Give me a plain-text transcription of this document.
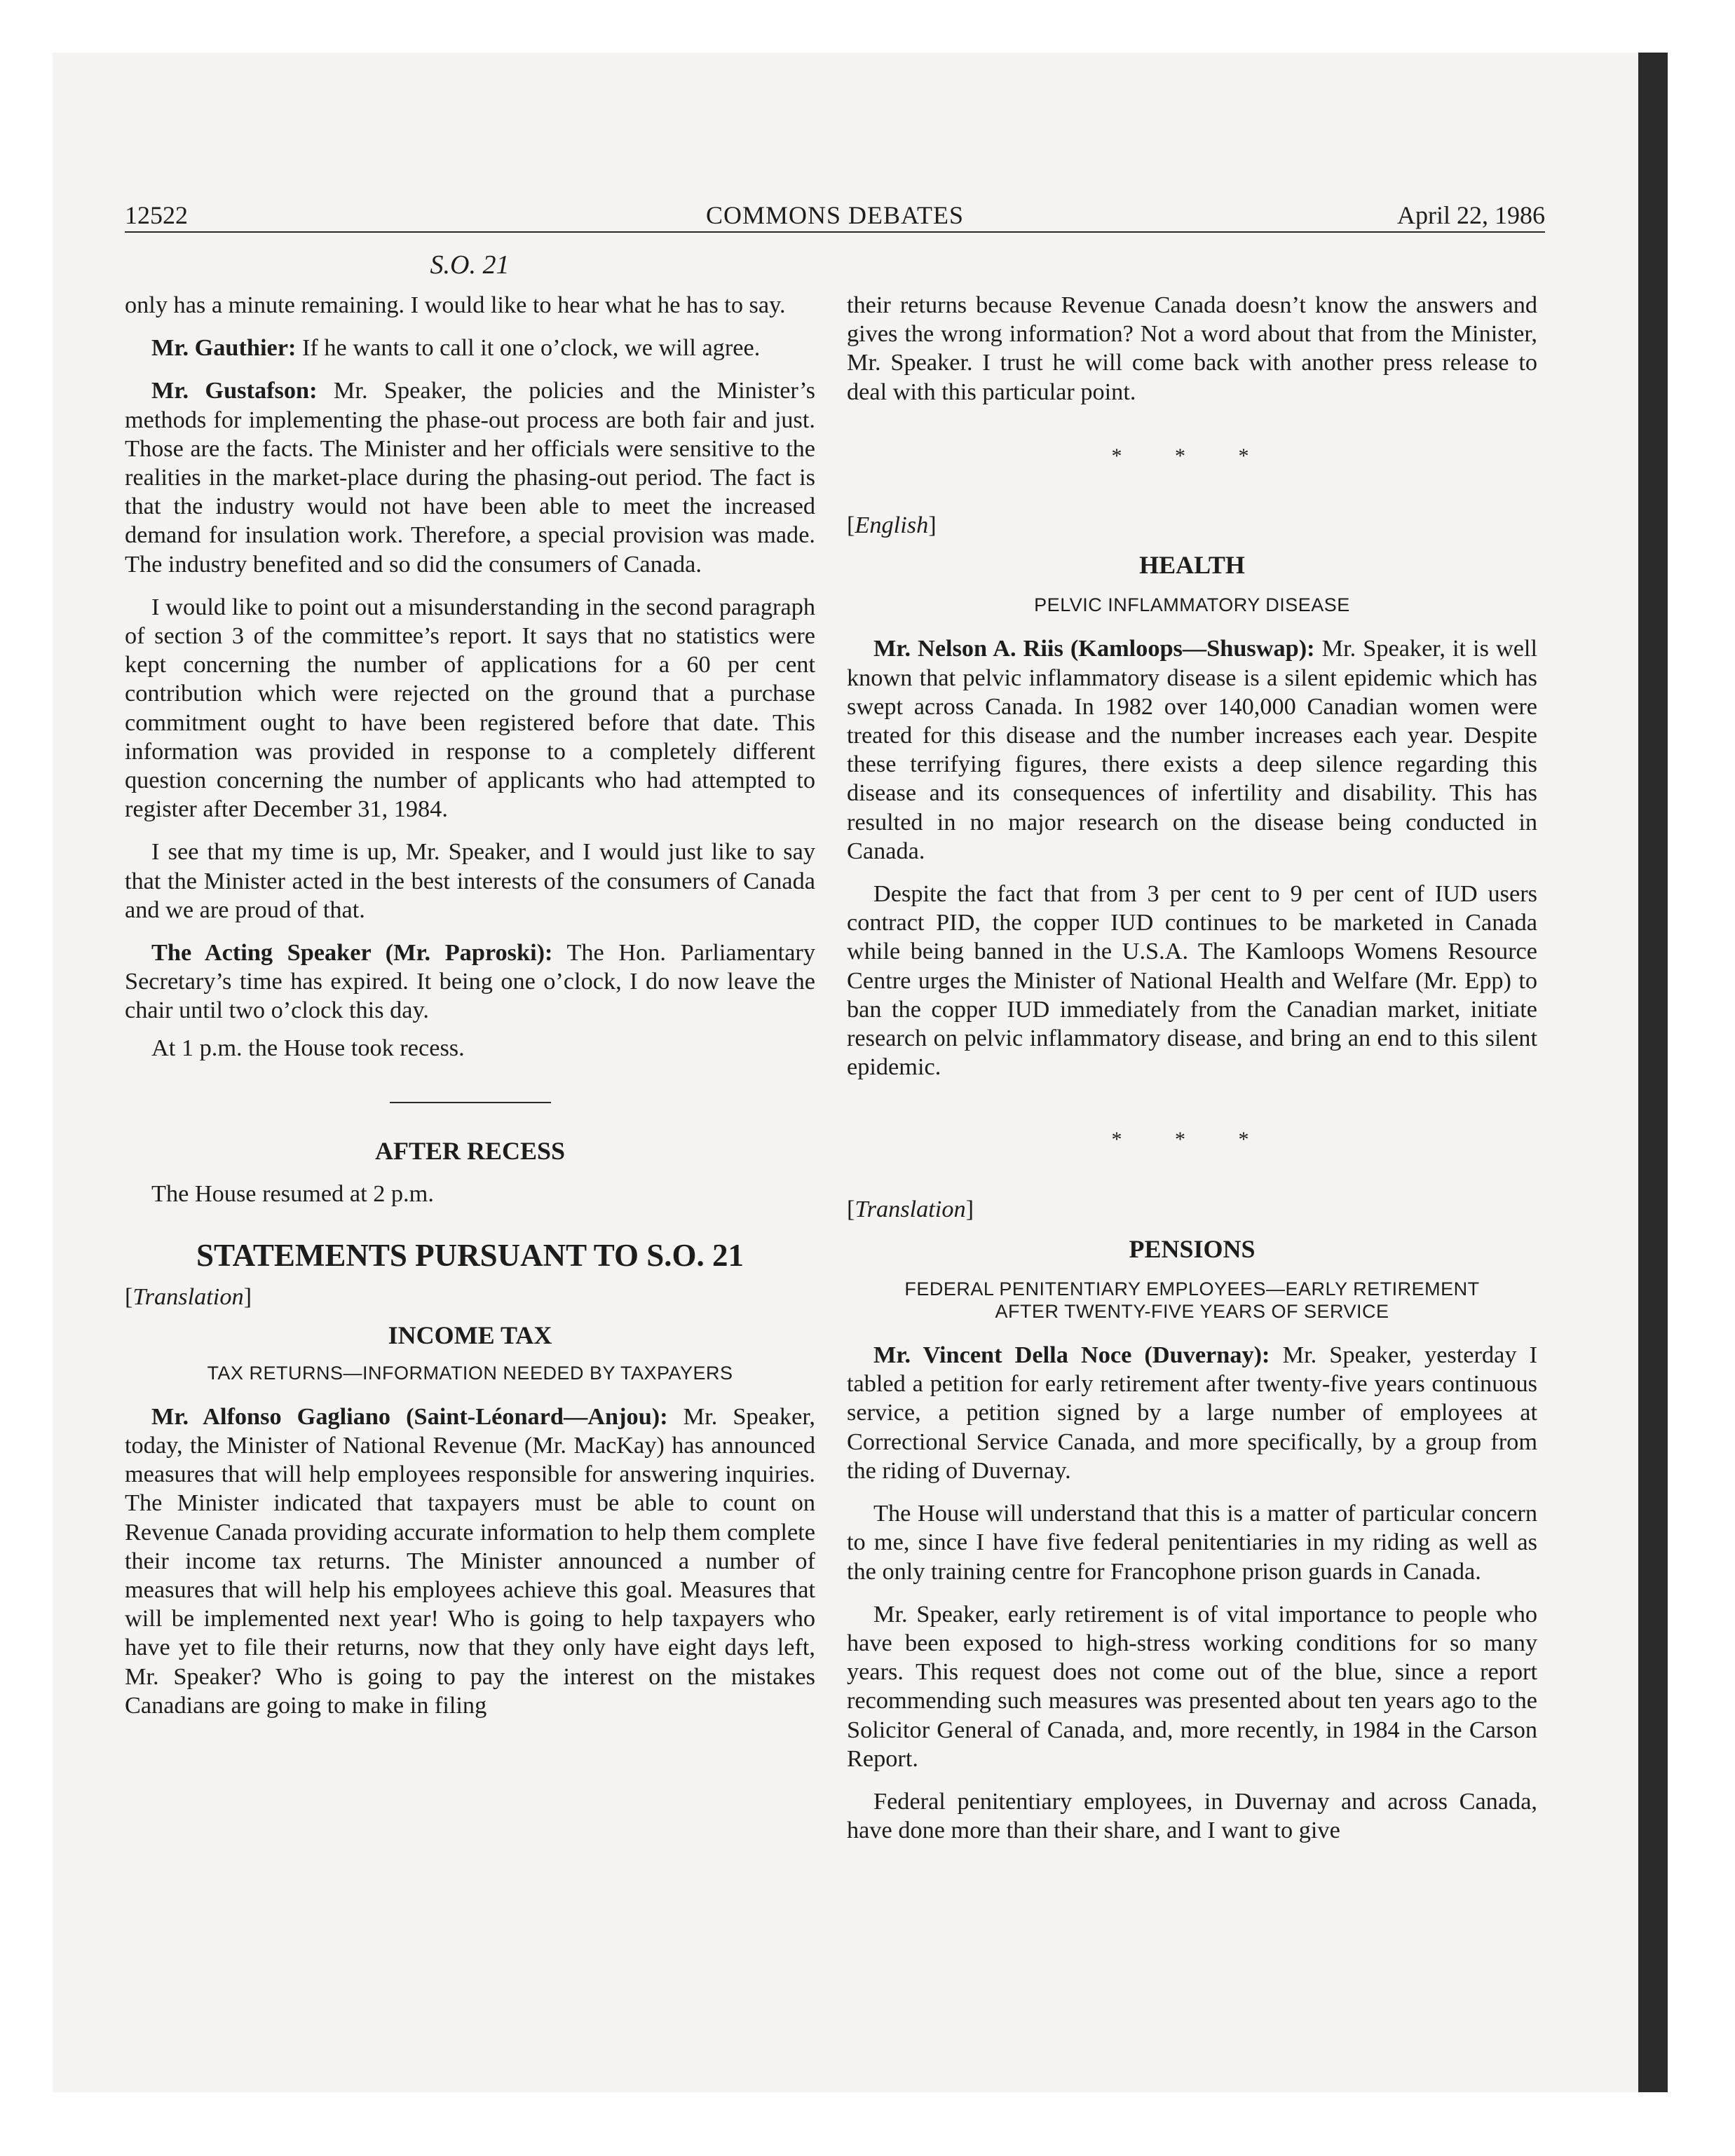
12522	COMMONS DEBATES	April 22, 1986
S.O. 21

only has a minute remaining. I would like to hear what he has to say.

Mr. Gauthier: If he wants to call it one o’clock, we will agree.

Mr. Gustafson: Mr. Speaker, the policies and the Minister’s methods for implementing the phase-out process are both fair and just. Those are the facts. The Minister and her officials were sensitive to the realities in the market-place during the phasing-out period. The fact is that the industry would not have been able to meet the increased demand for insulation work. Therefore, a special provision was made. The industry benefited and so did the consumers of Canada.

I would like to point out a misunderstanding in the second paragraph of section 3 of the committee’s report. It says that no statistics were kept concerning the number of applications for a 60 per cent contribution which were rejected on the ground that a purchase commitment ought to have been registered before that date. This information was provided in response to a completely different question concerning the number of applicants who had attempted to register after December 31, 1984.

I see that my time is up, Mr. Speaker, and I would just like to say that the Minister acted in the best interests of the consumers of Canada and we are proud of that.

The Acting Speaker (Mr. Paproski): The Hon. Parliamentary Secretary’s time has expired. It being one o’clock, I do now leave the chair until two o’clock this day.

At 1 p.m. the House took recess.

AFTER RECESS

The House resumed at 2 p.m.

STATEMENTS PURSUANT TO S.O. 21

[Translation]

INCOME TAX

TAX RETURNS—INFORMATION NEEDED BY TAXPAYERS

Mr. Alfonso Gagliano (Saint-Léonard—Anjou): Mr. Speaker, today, the Minister of National Revenue (Mr. MacKay) has announced measures that will help employees responsible for answering inquiries. The Minister indicated that taxpayers must be able to count on Revenue Canada providing accurate information to help them complete their income tax returns. The Minister announced a number of measures that will help his employees achieve this goal. Measures that will be implemented next year! Who is going to help taxpayers who have yet to file their returns, now that they only have eight days left, Mr. Speaker? Who is going to pay the interest on the mistakes Canadians are going to make in filing

their returns because Revenue Canada doesn’t know the answers and gives the wrong information? Not a word about that from the Minister, Mr. Speaker. I trust he will come back with another press release to deal with this particular point.

* * *

[English]

HEALTH

PELVIC INFLAMMATORY DISEASE

Mr. Nelson A. Riis (Kamloops—Shuswap): Mr. Speaker, it is well known that pelvic inflammatory disease is a silent epidemic which has swept across Canada. In 1982 over 140,000 Canadian women were treated for this disease and the number increases each year. Despite these terrifying figures, there exists a deep silence regarding this disease and its consequences of infertility and disability. This has resulted in no major research on the disease being conducted in Canada.

Despite the fact that from 3 per cent to 9 per cent of IUD users contract PID, the copper IUD continues to be marketed in Canada while being banned in the U.S.A. The Kamloops Womens Resource Centre urges the Minister of National Health and Welfare (Mr. Epp) to ban the copper IUD immediately from the Canadian market, initiate research on pelvic inflammatory disease, and bring an end to this silent epidemic.

* * *

[Translation]

PENSIONS

FEDERAL PENITENTIARY EMPLOYEES—EARLY RETIREMENT

AFTER TWENTY-FIVE YEARS OF SERVICE

Mr. Vincent Della Noce (Duvernay): Mr. Speaker, yesterday I tabled a petition for early retirement after twenty-five years continuous service, a petition signed by a large number of employees at Correctional Service Canada, and more specifically, by a group from the riding of Duvernay.

The House will understand that this is a matter of particular concern to me, since I have five federal penitentiaries in my riding as well as the only training centre for Francophone prison guards in Canada.

Mr. Speaker, early retirement is of vital importance to people who have been exposed to high-stress working conditions for so many years. This request does not come out of the blue, since a report recommending such measures was presented about ten years ago to the Solicitor General of Canada, and, more recently, in 1984 in the Carson Report.

Federal penitentiary employees, in Duvernay and across Canada, have done more than their share, and I want to give
